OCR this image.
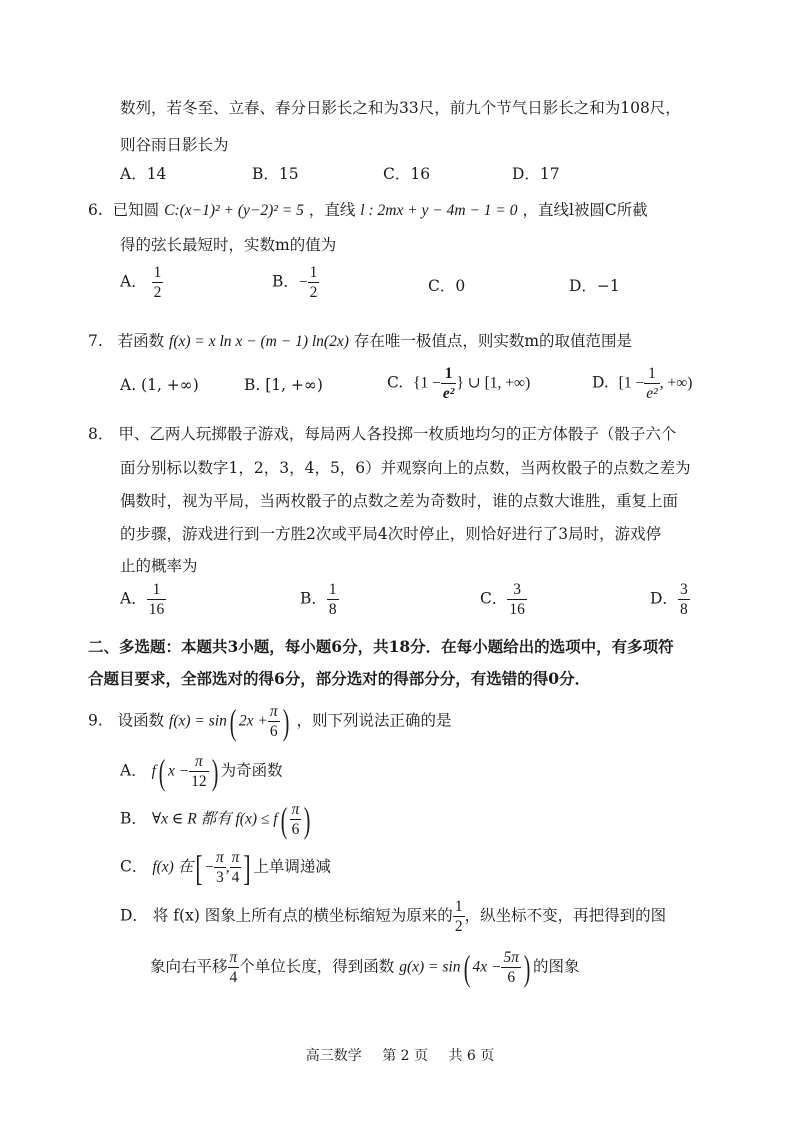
数列，若冬至、立春、春分日影长之和为33尺，前九个节气日影长之和为108尺，
则谷雨日影长为
A．14	B．15	C．16	D．17
6. 已知圆 C:(x−1)² + (y−2)² = 5 ，直线 l : 2mx + y − 4m − 1 = 0 ，直线l被圆C所截
得的弦长最短时，实数m的值为
A． $\frac{1}{2}$	B．− $\frac{1}{2}$	C．0	D．−1
7. 若函数 f(x) = x ln x − (m − 1) ln(2x) 存在唯一极值点，则实数m的取值范围是
A. (1, +∞)	B. [1, +∞)	C. {$1 - \frac{1}{\text{e²}}$ } ∪ [1, +∞)	D. [$1 - \frac{1}{\text{e²}}$ , +∞)
8． 甲、乙两人玩掷骰子游戏，每局两人各投掷一枚质地均匀的正方体骰子（骰子六个
面分别标以数字1，2，3，4，5，6）并观察向上的点数，当两枚骰子的点数之差为
偶数时，视为平局，当两枚骰子的点数之差为奇数时，谁的点数大谁胜，重复上面
的步骤，游戏进行到一方胜2次或平局4次时停止，则恰好进行了3局时，游戏停
止的概率为
A． $\frac{1}{16}$	B． $\frac{1}{8}$	C． $\frac{3}{16}$	D． $\frac{3}{8}$
二、多选题：本题共3小题，每小题6分，共18分．在每小题给出的选项中，有多项符
合题目要求，全部选对的得6分，部分选对的得部分分，有选错的得0分．
9. 设函数 f(x) = sin( $2x + \frac{\pi}{6}$ ) ，则下列说法正确的是
A． f( $x - \frac{\pi}{12}$ ) 为奇函数
B． ∀x ∈ R 都有 $f(x) \le f( \frac{\pi}{6}$ )
C． f(x) 在[ − $\frac{\pi}{3}$ , $\frac{\pi}{4}$ ] 上单调递减
D． 将 f(x) 图象上所有点的横坐标缩短为原来的 $\frac{1}{2}$ ，纵坐标不变，再把得到的图
象向右平移 $\frac{\pi}{4}$ 个单位长度，得到函数 g(x) = sin( $4x - \frac{5\pi}{6}$ ) 的图象
高三数学 第 2 页 共 6 页
